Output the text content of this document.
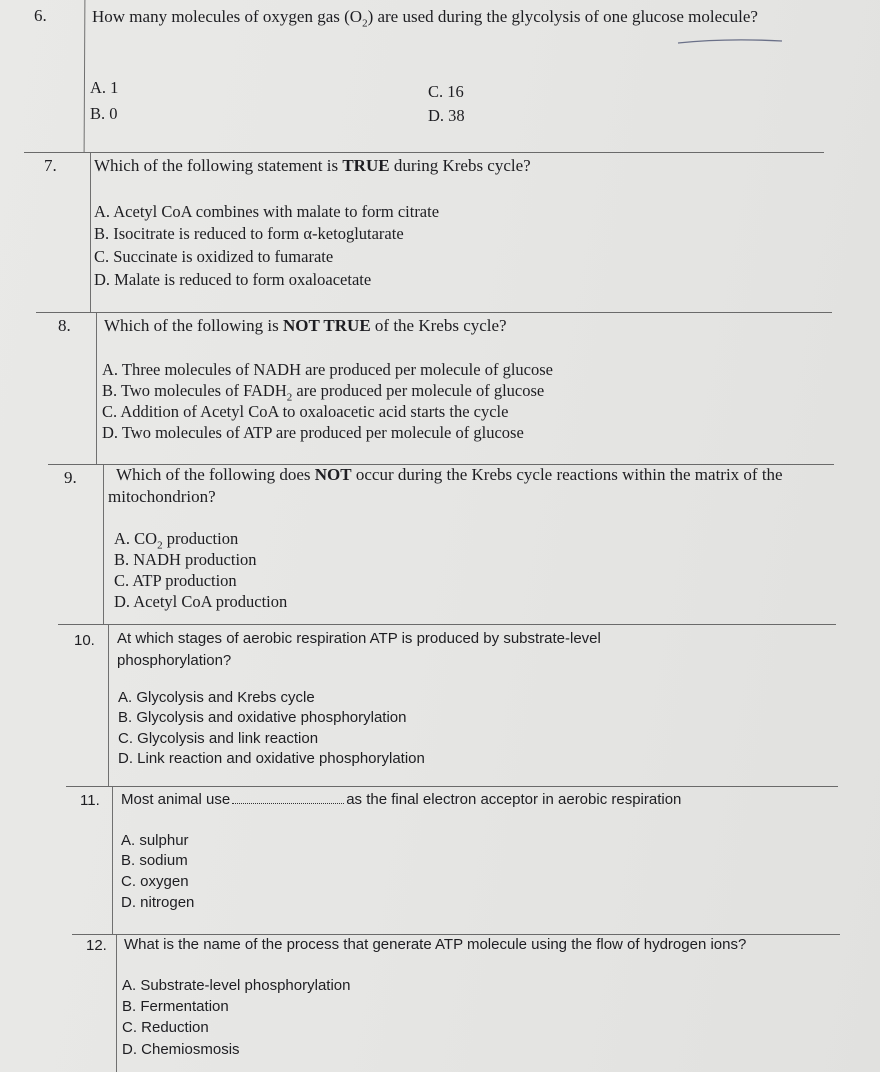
6.	How many molecules of oxygen gas $(O_2)$ are used during the glycolysis of one glucose molecule?
A. 1
B. 0
C. 16
D. 38
7. Which of the following statement is TRUE during Krebs cycle?
A. Acetyl CoA combines with malate to form citrate
B. Isocitrate is reduced to form α-ketoglutarate
C. Succinate is oxidized to fumarate
D. Malate is reduced to form oxaloacetate
8. Which of the following is NOT TRUE of the Krebs cycle?
A. Three molecules of NADH are produced per molecule of glucose
B. Two molecules of $FADH_2$ are produced per molecule of glucose
C. Addition of Acetyl CoA to oxaloacetic acid starts the cycle
D. Two molecules of ATP are produced per molecule of glucose
9.	Which of the following does NOT occur during the Krebs cycle reactions within the matrix of the mitochondrion?
A. $CO_2$ production
B. NADH production
C. ATP production
D. Acetyl CoA production
10. At which stages of aerobic respiration ATP is produced by substrate-level phosphorylation?
A. Glycolysis and Krebs cycle
B. Glycolysis and oxidative phosphorylation
C. Glycolysis and link reaction
D. Link reaction and oxidative phosphorylation
11. Most animal use	as the final electron acceptor in aerobic respiration
A. sulphur
B. sodium
C. oxygen
D. nitrogen
12. What is the name of the process that generate ATP molecule using the flow of hydrogen ions?
A. Substrate-level phosphorylation
B. Fermentation
C. Reduction
D. Chemiosmosis
